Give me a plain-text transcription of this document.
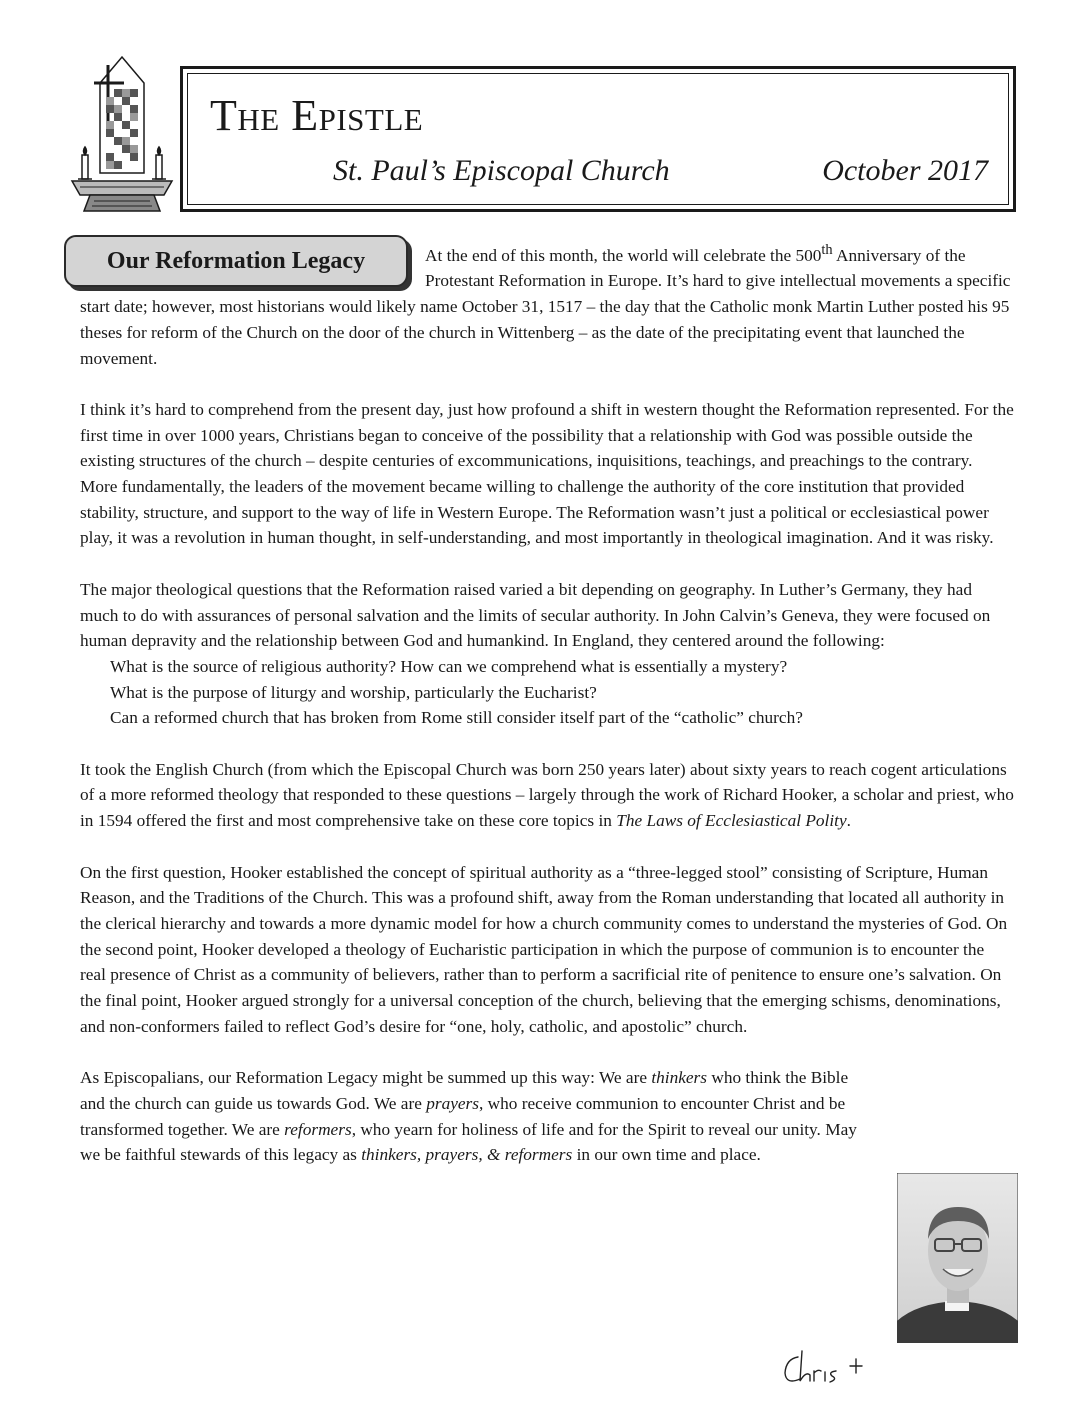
The Epistle
St. Paul’s Episcopal Church	October 2017
Our Reformation Legacy	At the end of this month, the world will celebrate the 500th Anniversary of the Protestant Reformation in Europe. It’s hard to give intellectual movements a specific start date; however, most historians would likely name October 31, 1517 – the day that the Catholic monk Martin Luther posted his 95 theses for reform of the Church on the door of the church in Wittenberg – as the date of the precipitating event that launched the movement.

I think it’s hard to comprehend from the present day, just how profound a shift in western thought the Reformation represented. For the first time in over 1000 years, Christians began to conceive of the possibility that a relationship with God was possible outside the existing structures of the church – despite centuries of excommunications, inquisitions, teachings, and preachings to the contrary. More fundamentally, the leaders of the movement became willing to challenge the authority of the core institution that provided stability, structure, and support to the way of life in Western Europe. The Reformation wasn’t just a political or ecclesiastical power play, it was a revolution in human thought, in self-understanding, and most importantly in theological imagination. And it was risky.

The major theological questions that the Reformation raised varied a bit depending on geography. In Luther’s Germany, they had much to do with assurances of personal salvation and the limits of secular authority. In John Calvin’s Geneva, they were focused on human depravity and the relationship between God and humankind. In England, they centered around the following:

What is the source of religious authority? How can we comprehend what is essentially a mystery?
What is the purpose of liturgy and worship, particularly the Eucharist?
Can a reformed church that has broken from Rome still consider itself part of the “catholic” church?

It took the English Church (from which the Episcopal Church was born 250 years later) about sixty years to reach cogent articulations of a more reformed theology that responded to these questions – largely through the work of Richard Hooker, a scholar and priest, who in 1594 offered the first and most comprehensive take on these core topics in The Laws of Ecclesiastical Polity.

On the first question, Hooker established the concept of spiritual authority as a “three-legged stool” consisting of Scripture, Human Reason, and the Traditions of the Church. This was a profound shift, away from the Roman understanding that located all authority in the clerical hierarchy and towards a more dynamic model for how a church community comes to understand the mysteries of God. On the second point, Hooker developed a theology of Eucharistic participation in which the purpose of communion is to encounter the real presence of Christ as a community of believers, rather than to perform a sacrificial rite of penitence to ensure one’s salvation. On the final point, Hooker argued strongly for a universal conception of the church, believing that the emerging schisms, denominations, and non-conformers failed to reflect God’s desire for “one, holy, catholic, and apostolic” church.

As Episcopalians, our Reformation Legacy might be summed up this way: We are thinkers who think the Bible and the church can guide us towards God. We are prayers, who receive communion to encounter Christ and be transformed together. We are reformers, who yearn for holiness of life and for the Spirit to reveal our unity. May we be faithful stewards of this legacy as thinkers, prayers, & reformers in our own time and place.
